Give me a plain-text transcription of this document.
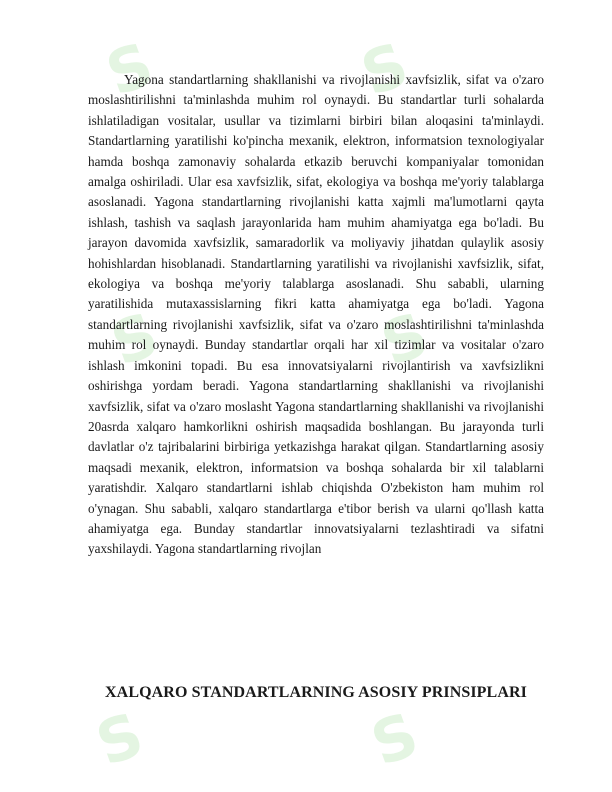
S	S
S	S
S	S

Yagona standartlarning shakllanishi va rivojlanishi xavfsizlik, sifat va o'zaro moslashtirilishni ta'minlashda muhim rol oynaydi. Bu standartlar turli sohalarda ishlatiladigan vositalar, usullar va tizimlarni birbiri bilan aloqasini ta'minlaydi. Standartlarning yaratilishi ko'pincha mexanik, elektron, informatsion texnologiyalar hamda boshqa zamonaviy sohalarda etkazib beruvchi kompaniyalar tomonidan amalga oshiriladi. Ular esa xavfsizlik, sifat, ekologiya va boshqa me'yoriy talablarga asoslanadi. Yagona standartlarning rivojlanishi katta xajmli ma'lumotlarni qayta ishlash, tashish va saqlash jarayonlarida ham muhim ahamiyatga ega bo'ladi. Bu jarayon davomida xavfsizlik, samaradorlik va moliyaviy jihatdan qulaylik asosiy hohishlardan hisoblanadi. Standartlarning yaratilishi va rivojlanishi xavfsizlik, sifat, ekologiya va boshqa me'yoriy talablarga asoslanadi. Shu sababli, ularning yaratilishida mutaxassislarning fikri katta ahamiyatga ega bo'ladi. Yagona standartlarning rivojlanishi xavfsizlik, sifat va o'zaro moslashtirilishni ta'minlashda muhim rol oynaydi. Bunday standartlar orqali har xil tizimlar va vositalar o'zaro ishlash imkonini topadi. Bu esa innovatsiyalarni rivojlantirish va xavfsizlikni oshirishga yordam beradi. Yagona standartlarning shakllanishi va rivojlanishi xavfsizlik, sifat va o'zaro moslasht Yagona standartlarning shakllanishi va rivojlanishi 20asrda xalqaro hamkorlikni oshirish maqsadida boshlangan. Bu jarayonda turli davlatlar o'z tajribalarini birbiriga yetkazishga harakat qilgan. Standartlarning asosiy maqsadi mexanik, elektron, informatsion va boshqa sohalarda bir xil talablarni yaratishdir. Xalqaro standartlarni ishlab chiqishda O'zbekiston ham muhim rol o'ynagan. Shu sababli, xalqaro standartlarga e'tibor berish va ularni qo'llash katta ahamiyatga ega. Bunday standartlar innovatsiyalarni tezlashtiradi va sifatni yaxshilaydi. Yagona standartlarning rivojlan

XALQARO STANDARTLARNING ASOSIY PRINSIPLARI
